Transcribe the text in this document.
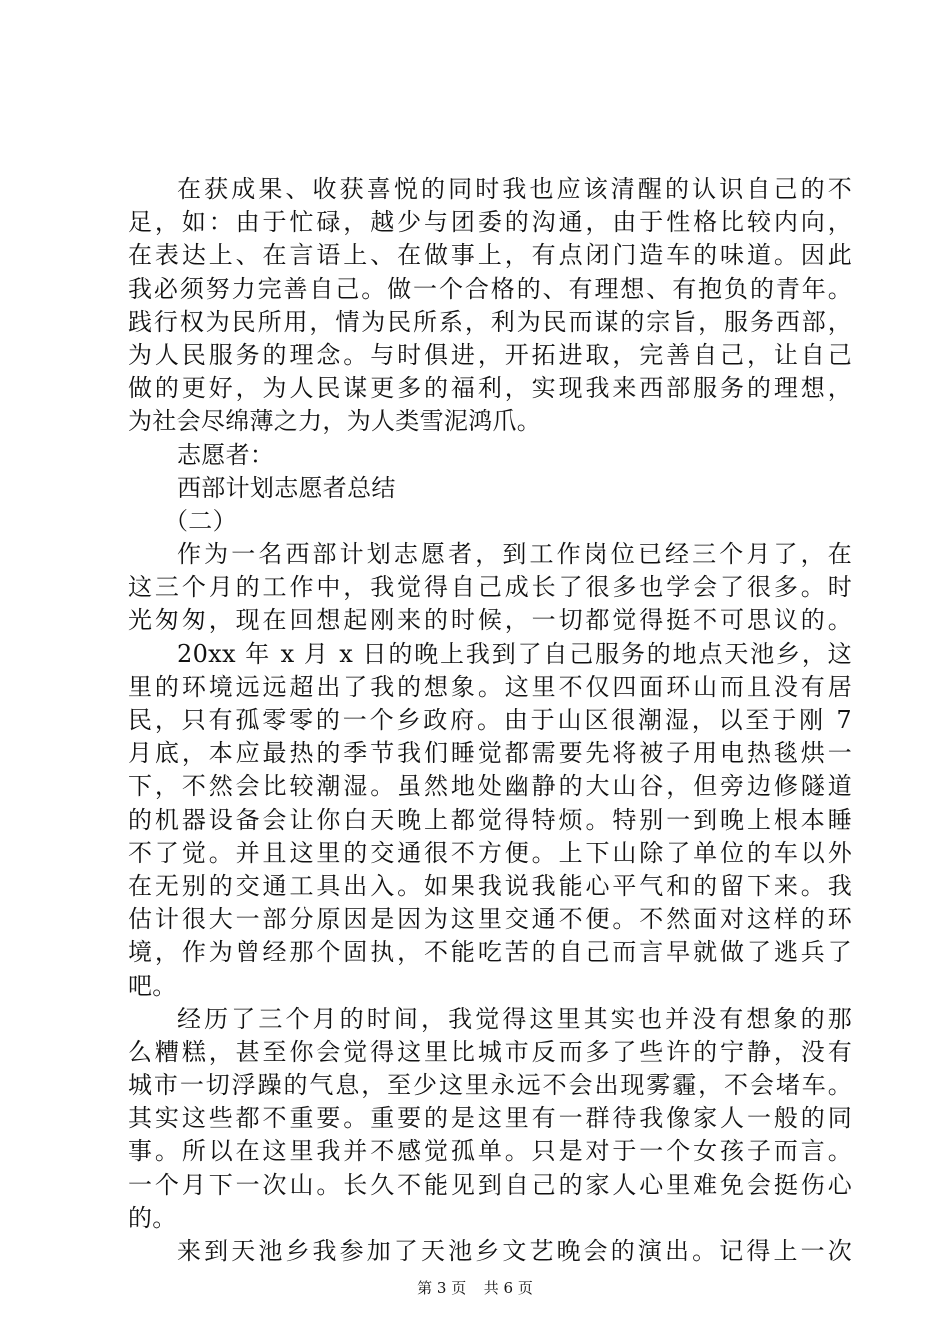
在获成果、收获喜悦的同时我也应该清醒的认识自己的不
足，如：由于忙碌，越少与团委的沟通，由于性格比较内向，
在表达上、在言语上、在做事上，有点闭门造车的味道。因此
我必须努力完善自己。做一个合格的、有理想、有抱负的青年。
践行权为民所用，情为民所系，利为民而谋的宗旨，服务西部，
为人民服务的理念。与时俱进，开拓进取，完善自己，让自己
做的更好，为人民谋更多的福利，实现我来西部服务的理想，
为社会尽绵薄之力，为人类雪泥鸿爪。
志愿者：
西部计划志愿者总结
（二）
作为一名西部计划志愿者，到工作岗位已经三个月了，在
这三个月的工作中，我觉得自己成长了很多也学会了很多。时
光匆匆，现在回想起刚来的时候，一切都觉得挺不可思议的。
20xx 年 x 月 x 日的晚上我到了自己服务的地点天池乡，这
里的环境远远超出了我的想象。这里不仅四面环山而且没有居
民，只有孤零零的一个乡政府。由于山区很潮湿，以至于刚 7
月底，本应最热的季节我们睡觉都需要先将被子用电热毯烘一
下，不然会比较潮湿。虽然地处幽静的大山谷，但旁边修隧道
的机器设备会让你白天晚上都觉得特烦。特别一到晚上根本睡
不了觉。并且这里的交通很不方便。上下山除了单位的车以外
在无别的交通工具出入。如果我说我能心平气和的留下来。我
估计很大一部分原因是因为这里交通不便。不然面对这样的环
境，作为曾经那个固执，不能吃苦的自己而言早就做了逃兵了
吧。
经历了三个月的时间，我觉得这里其实也并没有想象的那
么糟糕，甚至你会觉得这里比城市反而多了些许的宁静，没有
城市一切浮躁的气息，至少这里永远不会出现雾霾，不会堵车。
其实这些都不重要。重要的是这里有一群待我像家人一般的同
事。所以在这里我并不感觉孤单。只是对于一个女孩子而言。
一个月下一次山。长久不能见到自己的家人心里难免会挺伤心
的。
来到天池乡我参加了天池乡文艺晚会的演出。记得上一次
第 3 页 共 6 页
